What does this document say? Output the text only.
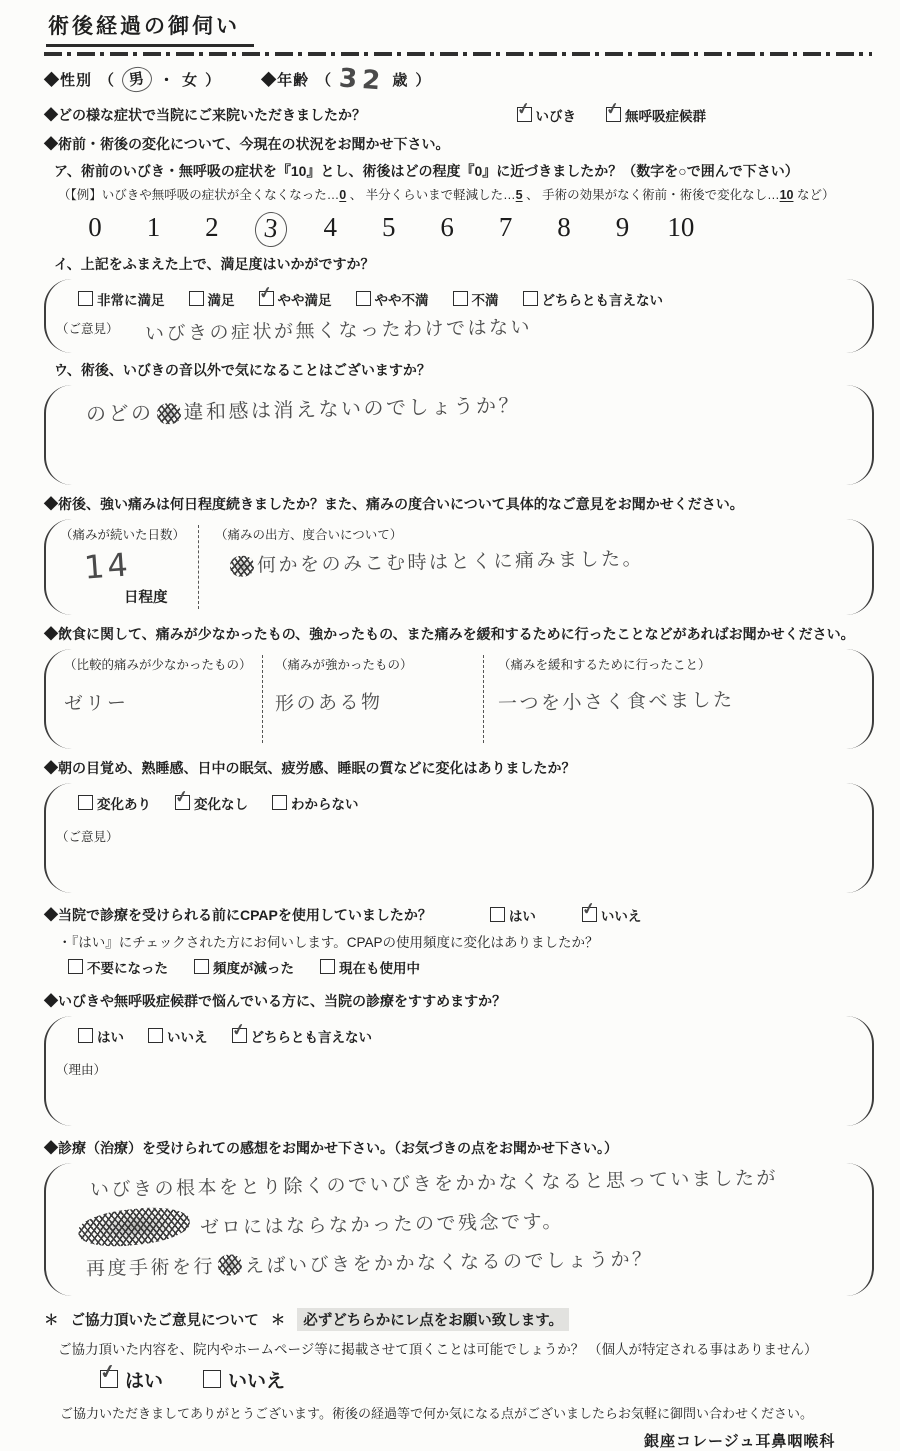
術後経過の御伺い
◆性別 （ 男 ・ 女 ）	◆年齢 （ 32 歳 ）
◆どの様な症状で当院にご来院いただきましたか？ ✓	いびき ✓	無呼吸症候群
◆術前・術後の変化について、今現在の状況をお聞かせ下さい。
ア、術前のいびき・無呼吸の症状を『10』とし、術後はどの程度『0』に近づきましたか？（数字を○で囲んで下さい）
（【例】いびきや無呼吸の症状が全くなくなった…0 、 半分くらいまで軽減した…5 、 手術の効果がなく術前・術後で変化なし…10 など）
0	1	2	3	4	5	6	7	8	9	10
イ、上記をふまえた上で、満足度はいかがですか？
非常に満足	満足 ✓	やや満足	やや不満	不満	どちらとも言えない
（ご意見） いびきの症状が無くなったわけではない
ウ、術後、いびきの音以外で気になることはございますか？
のどの 違和感は消えないのでしょうか？
◆術後、強い痛みは何日程度続きましたか？また、痛みの度合いについて具体的なご意見をお聞かせください。
（痛みが続いた日数）
14
日程度
（痛みの出方、度合いについて）
何かをのみこむ時はとくに痛みました。
◆飲食に関して、痛みが少なかったもの、強かったもの、また痛みを緩和するために行ったことなどがあればお聞かせください。
（比較的痛みが少なかったもの）
ゼリー
（痛みが強かったもの）
形のある物
（痛みを緩和するために行ったこと）
一つを小さく食べました
◆朝の目覚め、熟睡感、日中の眠気、疲労感、睡眠の質などに変化はありましたか？
変化あり ✓	変化なし	わからない
（ご意見）
◆当院で診療を受けられる前にCPAPを使用していましたか？	はい ✓	いいえ
・『はい』にチェックされた方にお伺いします。CPAPの使用頻度に変化はありましたか？
不要になった	頻度が減った	現在も使用中
◆いびきや無呼吸症候群で悩んでいる方に、当院の診療をすすめますか？
はい	いいえ ✓	どちらとも言えない
（理由）
◆診療（治療）を受けられての感想をお聞かせ下さい。（お気づきの点をお聞かせ下さい。）
いびきの根本をとり除くのでいびきをかかなくなると思っていましたが
ゼロにはならなかったので残念です。
再度手術を行 えばいびきをかかなくなるのでしょうか？
＊ ご協力頂いたご意見について ＊	必ずどちらかにレ点をお願い致します。
ご協力頂いた内容を、院内やホームページ等に掲載させて頂くことは可能でしょうか？ （個人が特定される事はありません）
✓
はい	いいえ
ご協力いただきましてありがとうございます。術後の経過等で何か気になる点がございましたらお気軽に御問い合わせください。
銀座コレージュ耳鼻咽喉科
